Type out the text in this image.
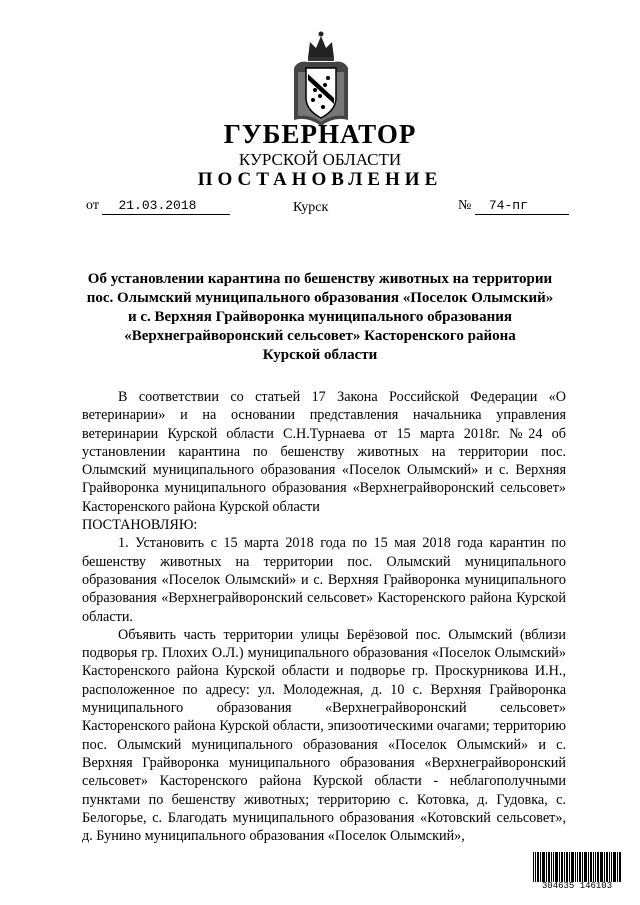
ГУБЕРНАТОР
КУРСКОЙ ОБЛАСТИ
ПОСТАНОВЛЕНИЕ
от 21.03.2018	Курск	№ 74-пг
Об установлении карантина по бешенству животных на территории
пос. Олымский муниципального образования «Поселок Олымский»
и с. Верхняя Грайворонка муниципального образования
«Верхнеграйворонский сельсовет» Касторенского района
Курской области

В соответствии со статьей 17 Закона Российской Федерации «О ветеринарии» и на основании представления начальника управления ветеринарии Курской области С.Н.Турнаева от 15 марта 2018г. №24 об установлении карантина по бешенству животных на территории пос. Олымский муниципального образования «Поселок Олымский» и с. Верхняя Грайворонка муниципального образования «Верхнеграйворонский сельсовет» Касторенского района Курской области

ПОСТАНОВЛЯЮ:

1. Установить с 15 марта 2018 года по 15 мая 2018 года карантин по бешенству животных на территории пос. Олымский муниципального образования «Поселок Олымский» и с. Верхняя Грайворонка муниципального образования «Верхнеграйворонский сельсовет» Касторенского района Курской области.

Объявить часть территории улицы Берёзовой пос. Олымский (вблизи подворья гр. Плохих О.Л.) муниципального образования «Поселок Олымский» Касторенского района Курской области и подворье гр. Проскурникова И.Н., расположенное по адресу: ул. Молодежная, д. 10 с. Верхняя Грайворонка муниципального образования «Верхнеграйворонский сельсовет» Касторенского района Курской области, эпизоотическими очагами; территорию пос. Олымский муниципального образования «Поселок Олымский» и с. Верхняя Грайворонка муниципального образования «Верхнеграйворонский сельсовет» Касторенского района Курской области - неблагополучными пунктами по бешенству животных; территорию с. Котовка, д. Гудовка, с. Белогорье, с. Благодать муниципального образования «Котовский сельсовет», д. Бунино муниципального образования «Поселок Олымский»,

304635 146103
